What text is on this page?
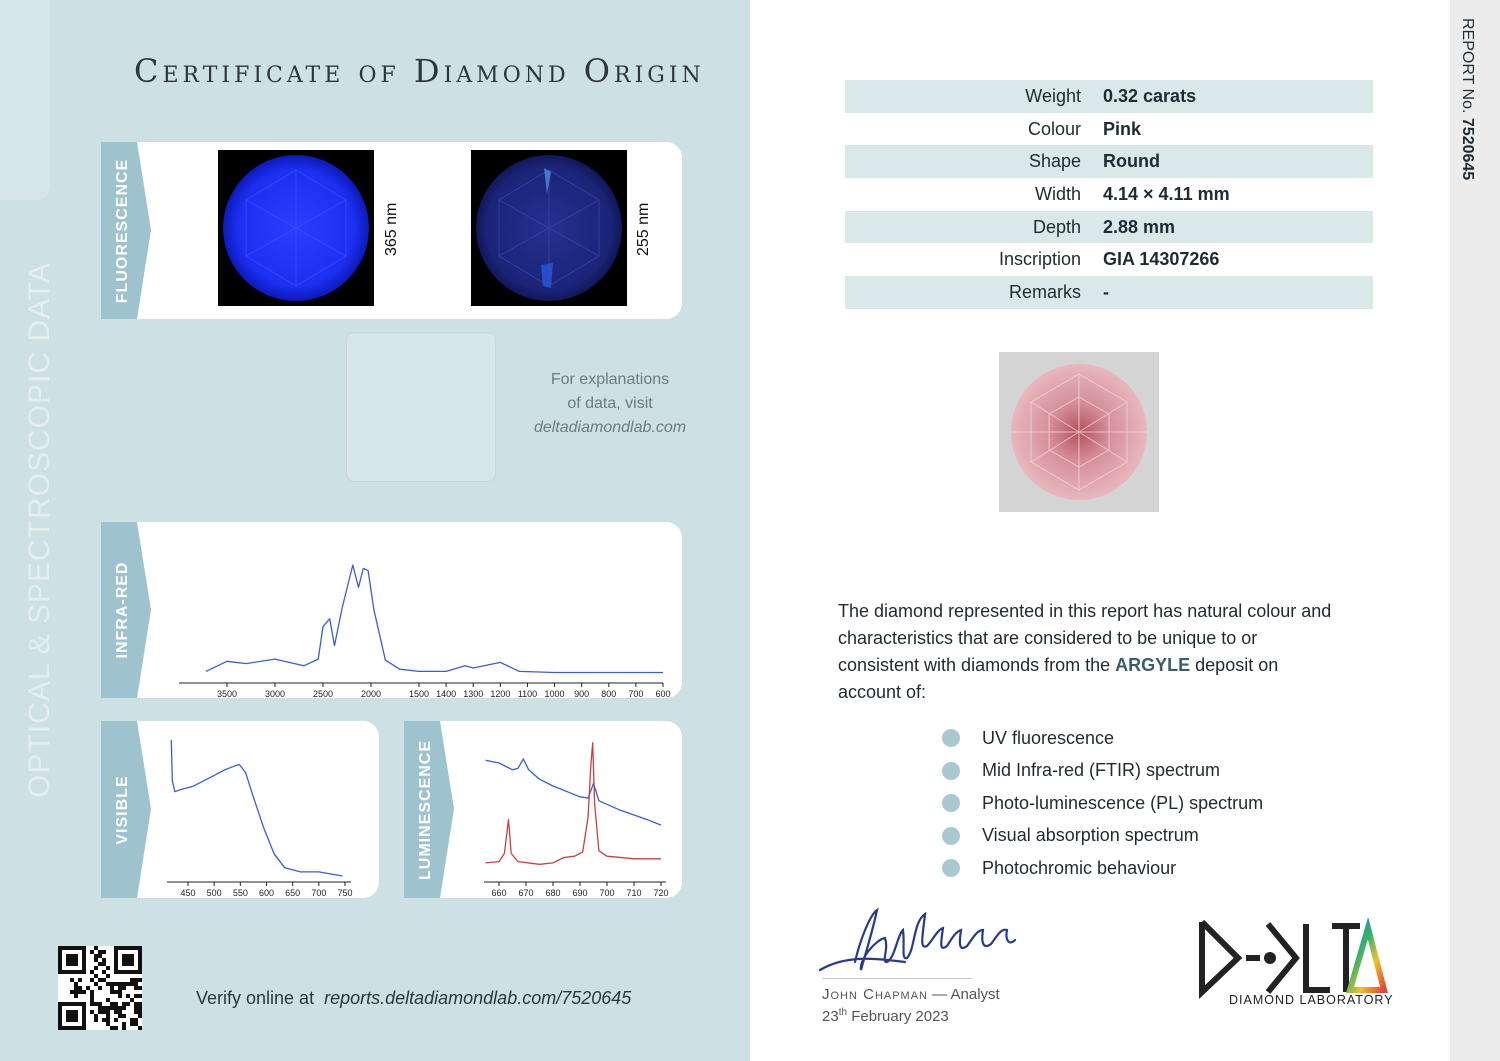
OPTICAL & SPECTROSCOPIC DATA
Certificate of Diamond Origin
FLUORESCENCE	365 nm	255 nm
For explanations
of data, visit
deltadiamondlab.com
INFRA-RED
3500	3000	2500	2000	1500 1400 1300 1200 1100 1000 900 800 700 600
VISIBLE
450 500 550 600 650 700 750
LUMINESCENCE
660 670 680 690 700 710 720
Verify online at reports.deltadiamondlab.com/7520645
REPORT No. 7520645
Weight	0.32 carats
Colour	Pink
Shape	Round
Width	4.14 × 4.11 mm
Depth	2.88 mm
Inscription	GIA 14307266
Remarks	-
The diamond represented in this report has natural colour and characteristics that are considered to be unique to or consistent with diamonds from the ARGYLE deposit on account of:
UV fluorescence
Mid Infra-red (FTIR) spectrum
Photo-luminescence (PL) spectrum
Visual absorption spectrum
Photochromic behaviour
John Chapman — Analyst
23th February 2023
DIAMOND LABORATORY
